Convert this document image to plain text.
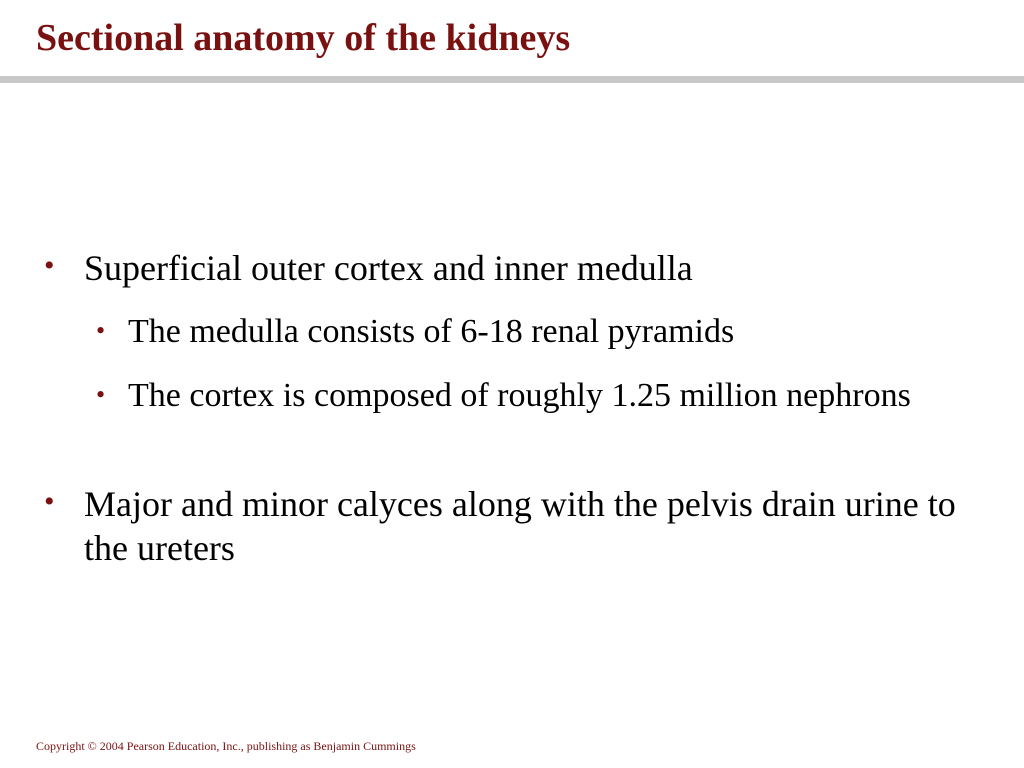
Sectional anatomy of the kidneys
• Superficial outer cortex and inner medulla
• The medulla consists of 6-18 renal pyramids
• The cortex is composed of roughly 1.25 million nephrons
• Major and minor calyces along with the pelvis drain urine to the ureters
Copyright © 2004 Pearson Education, Inc., publishing as Benjamin Cummings
